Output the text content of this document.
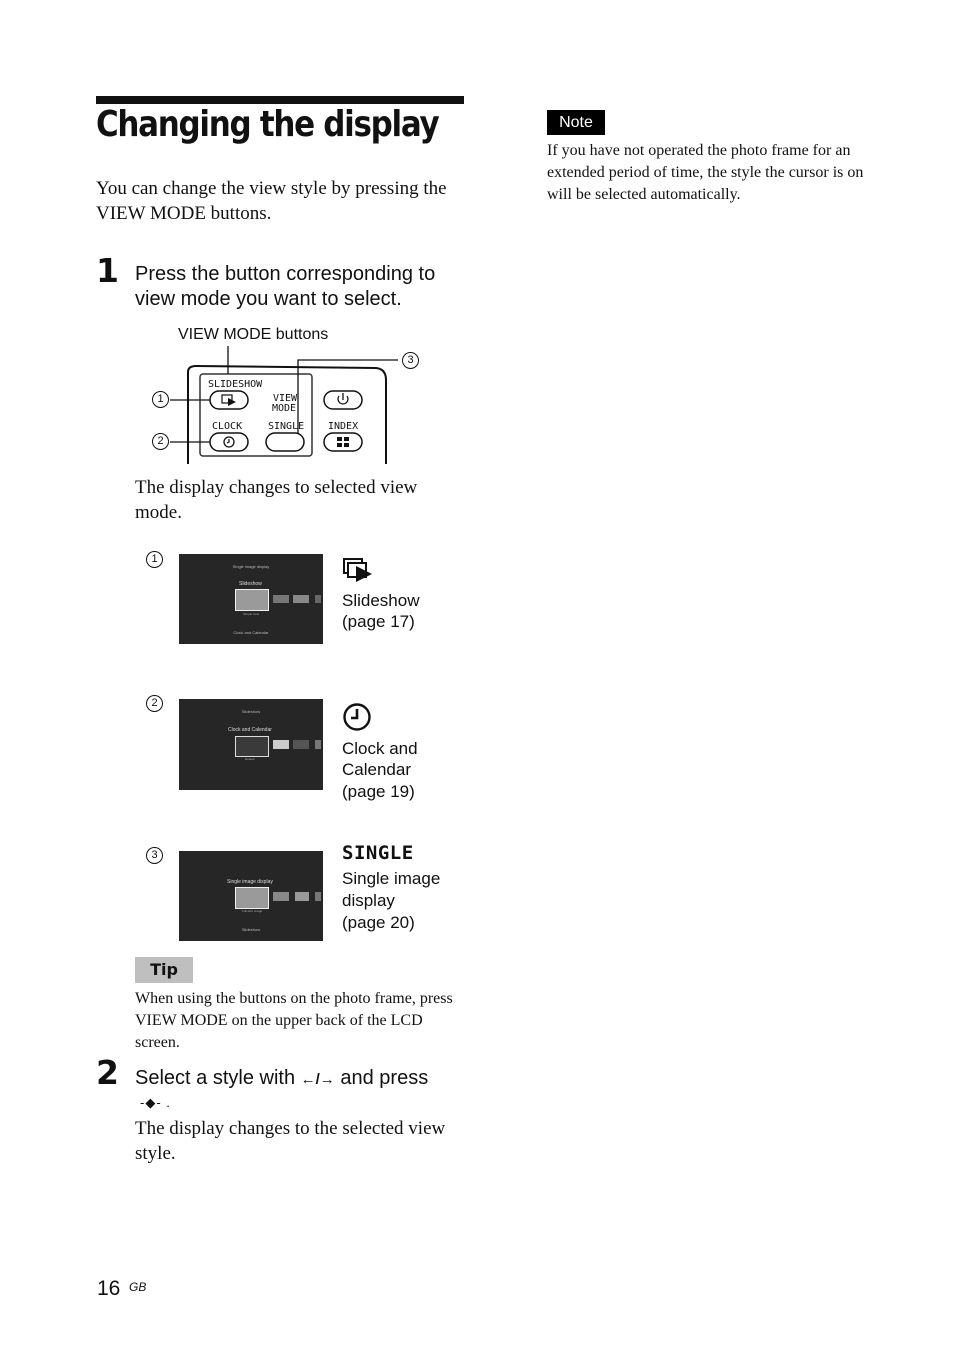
Changing the display
You can change the view style by pressing the VIEW MODE buttons.
1 Press the button corresponding to view mode you want to select.
VIEW MODE buttons
SLIDESHOW
VIEW
MODE
CLOCK	SINGLE INDEX
1
2
3
The display changes to selected view mode.
1
Single image display
Slideshow
Simple view
Clock and Calendar
Slideshow
(page 17)
2
Slideshow
Clock and Calendar
Default
Clock and
Calendar
(page 19)
3
Single image display
Full-size image
Slideshow
SINGLE
Single image
display
(page 20)
Tip
When using the buttons on the photo frame, press VIEW MODE on the upper back of the LCD screen.
2 Select a style with ←/→ and press
-◆- .
The display changes to the selected view style.
Note
If you have not operated the photo frame for an extended period of time, the style the cursor is on will be selected automatically.
16 GB
